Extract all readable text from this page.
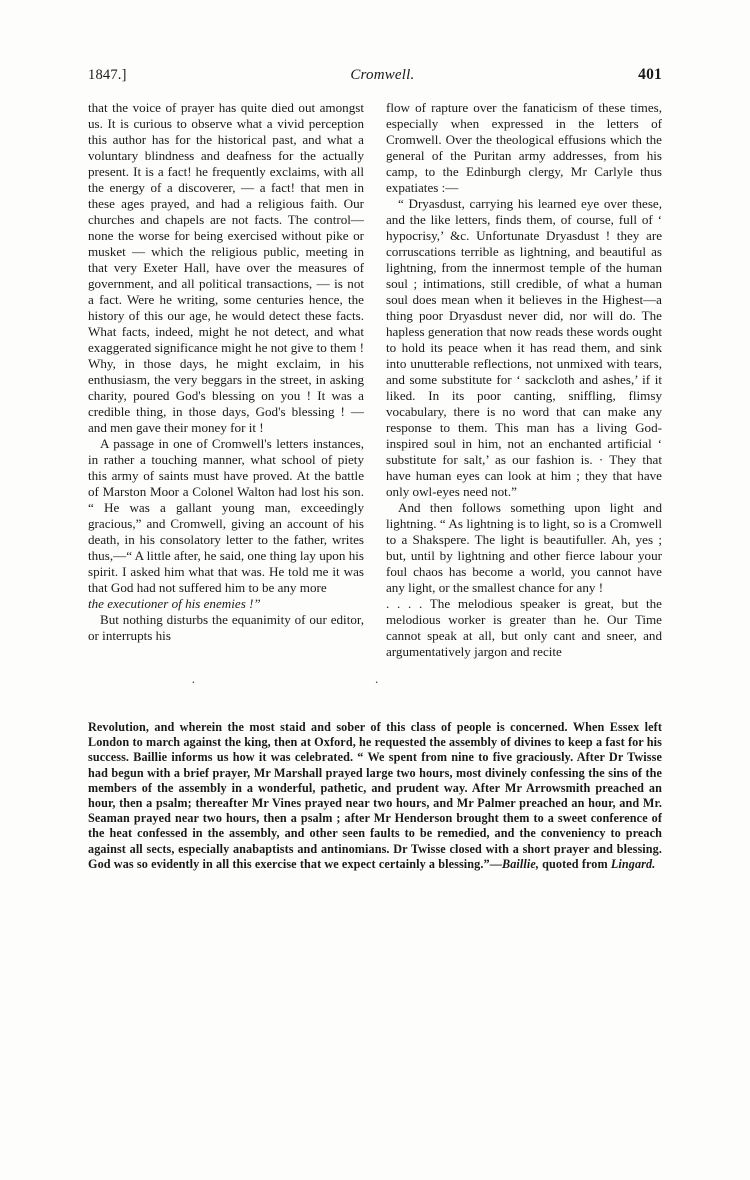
1847.]	Cromwell.	401

that the voice of prayer has quite died out amongst us. It is curious to observe what a vivid perception this author has for the historical past, and what a voluntary blindness and deafness for the actually present. It is a fact! he frequently exclaims, with all the energy of a discoverer, — a fact! that men in these ages prayed, and had a religious faith. Our churches and chapels are not facts. The control— none the worse for being exercised without pike or musket — which the religious public, meeting in that very Exeter Hall, have over the measures of government, and all political transactions, — is not a fact. Were he writing, some centuries hence, the history of this our age, he would detect these facts. What facts, indeed, might he not detect, and what exaggerated significance might he not give to them ! Why, in those days, he might exclaim, in his enthusiasm, the very beggars in the street, in asking charity, poured God's blessing on you ! It was a credible thing, in those days, God's blessing ! — and men gave their money for it !

A passage in one of Cromwell's letters instances, in rather a touching manner, what school of piety this army of saints must have proved. At the battle of Marston Moor a Colonel Walton had lost his son. “ He was a gallant young man, exceedingly gracious,” and Cromwell, giving an account of his death, in his consolatory letter to the father, writes thus,—“ A little after, he said, one thing lay upon his spirit. I asked him what that was. He told me it was that God had not suffered him to be any more

the executioner of his enemies !”

But nothing disturbs the equanimity of our editor, or interrupts his

flow of rapture over the fanaticism of these times, especially when expressed in the letters of Cromwell. Over the theological effusions which the general of the Puritan army addresses, from his camp, to the Edinburgh clergy, Mr Carlyle thus expatiates :—

“ Dryasdust, carrying his learned eye over these, and the like letters, finds them, of course, full of ‘ hypocrisy,’ &c. Unfortunate Dryasdust ! they are corruscations terrible as lightning, and beautiful as lightning, from the innermost temple of the human soul ; intimations, still credible, of what a human soul does mean when it believes in the Highest—a thing poor Dryasdust never did, nor will do. The hapless generation that now reads these words ought to hold its peace when it has read them, and sink into unutterable reflections, not unmixed with tears, and some substitute for ‘ sackcloth and ashes,’ if it liked. In its poor canting, sniffling, flimsy vocabulary, there is no word that can make any response to them. This man has a living God-inspired soul in him, not an enchanted artificial ‘ substitute for salt,’ as our fashion is. · They that have human eyes can look at him ; they that have only owl-eyes need not.”

And then follows something upon light and lightning. “ As lightning is to light, so is a Cromwell to a Shakspere. The light is beautifuller. Ah, yes ; but, until by lightning and other fierce labour your foul chaos has become a world, you cannot have any light, or the smallest chance for any !

. . . . The melodious speaker is great, but the melodious worker is greater than he. Our Time cannot speak at all, but only cant and sneer, and argumentatively jargon and recite

..

Revolution, and wherein the most staid and sober of this class of people is concerned. When Essex left London to march against the king, then at Oxford, he requested the assembly of divines to keep a fast for his success. Baillie informs us how it was celebrated. “ We spent from nine to five graciously. After Dr Twisse had begun with a brief prayer, Mr Marshall prayed large two hours, most divinely confessing the sins of the members of the assembly in a wonderful, pathetic, and prudent way. After Mr Arrowsmith preached an hour, then a psalm; thereafter Mr Vines prayed near two hours, and Mr Palmer preached an hour, and Mr. Seaman prayed near two hours, then a psalm ; after Mr Henderson brought them to a sweet conference of the heat confessed in the assembly, and other seen faults to be remedied, and the conveniency to preach against all sects, especially anabaptists and antinomians. Dr Twisse closed with a short prayer and blessing. God was so evidently in all this exercise that we expect certainly a blessing.”—Baillie, quoted from Lingard.
